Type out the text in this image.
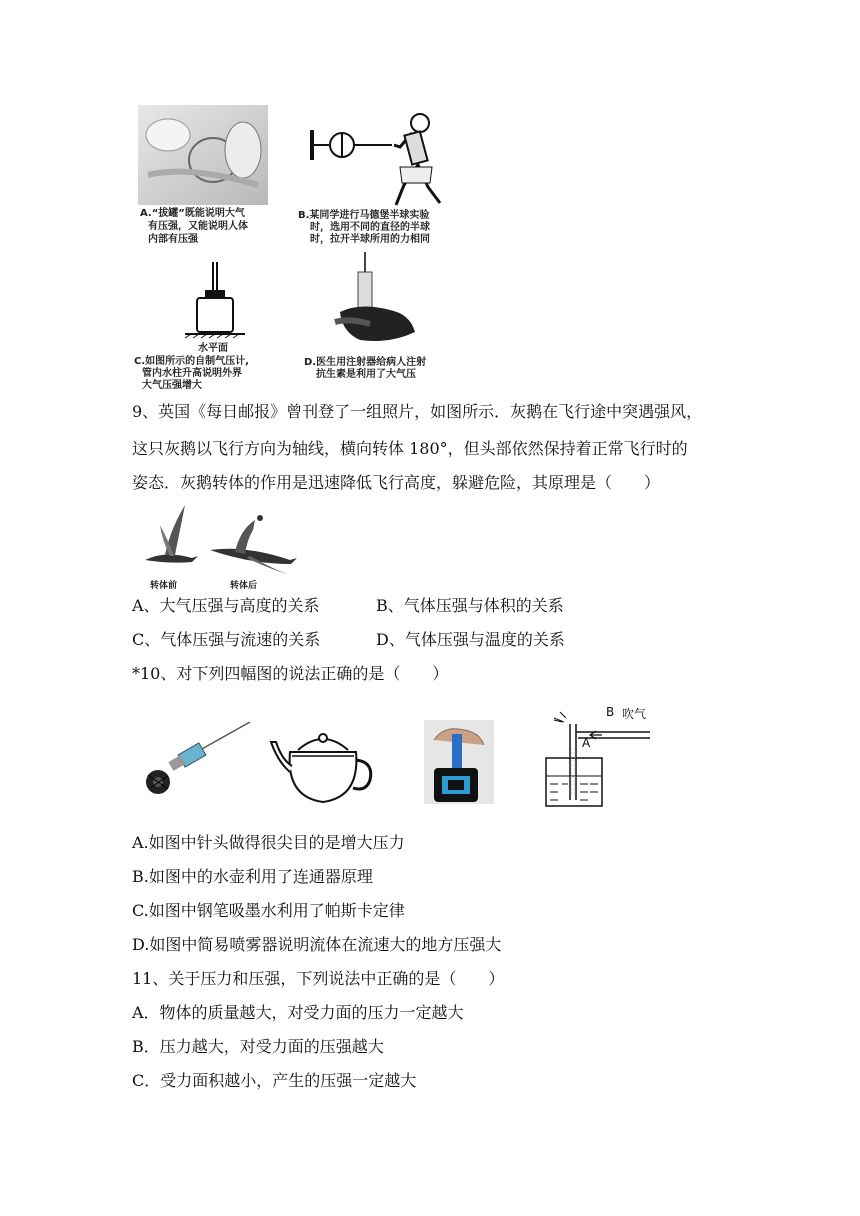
A.“拔罐”既能说明大气
有压强，又能说明人体
内部有压强
B.某同学进行马德堡半球实验
时，选用不同的直径的半球
时，拉开半球所用的力相同
水平面
C.如图所示的自制气压计,
管内水柱升高说明外界
大气压强增大
D.医生用注射器给病人注射
抗生素是利用了大气压
9、英国《每日邮报》曾刊登了一组照片，如图所示．灰鹅在飞行途中突遇强风，
这只灰鹅以飞行方向为轴线，横向转体 180°，但头部依然保持着正常飞行时的
姿态．灰鹅转体的作用是迅速降低飞行高度，躲避危险，其原理是（　　）
转体前	转体后
A、大气压强与高度的关系	B、气体压强与体积的关系
C、气体压强与流速的关系	D、气体压强与温度的关系
*10、对下列四幅图的说法正确的是（　　）
B 吹气
A
A.如图中针头做得很尖目的是增大压力
B.如图中的水壶利用了连通器原理
C.如图中钢笔吸墨水利用了帕斯卡定律
D.如图中简易喷雾器说明流体在流速大的地方压强大
11、关于压力和压强，下列说法中正确的是（　　）
A．物体的质量越大，对受力面的压力一定越大
B．压力越大，对受力面的压强越大
C．受力面积越小，产生的压强一定越大
